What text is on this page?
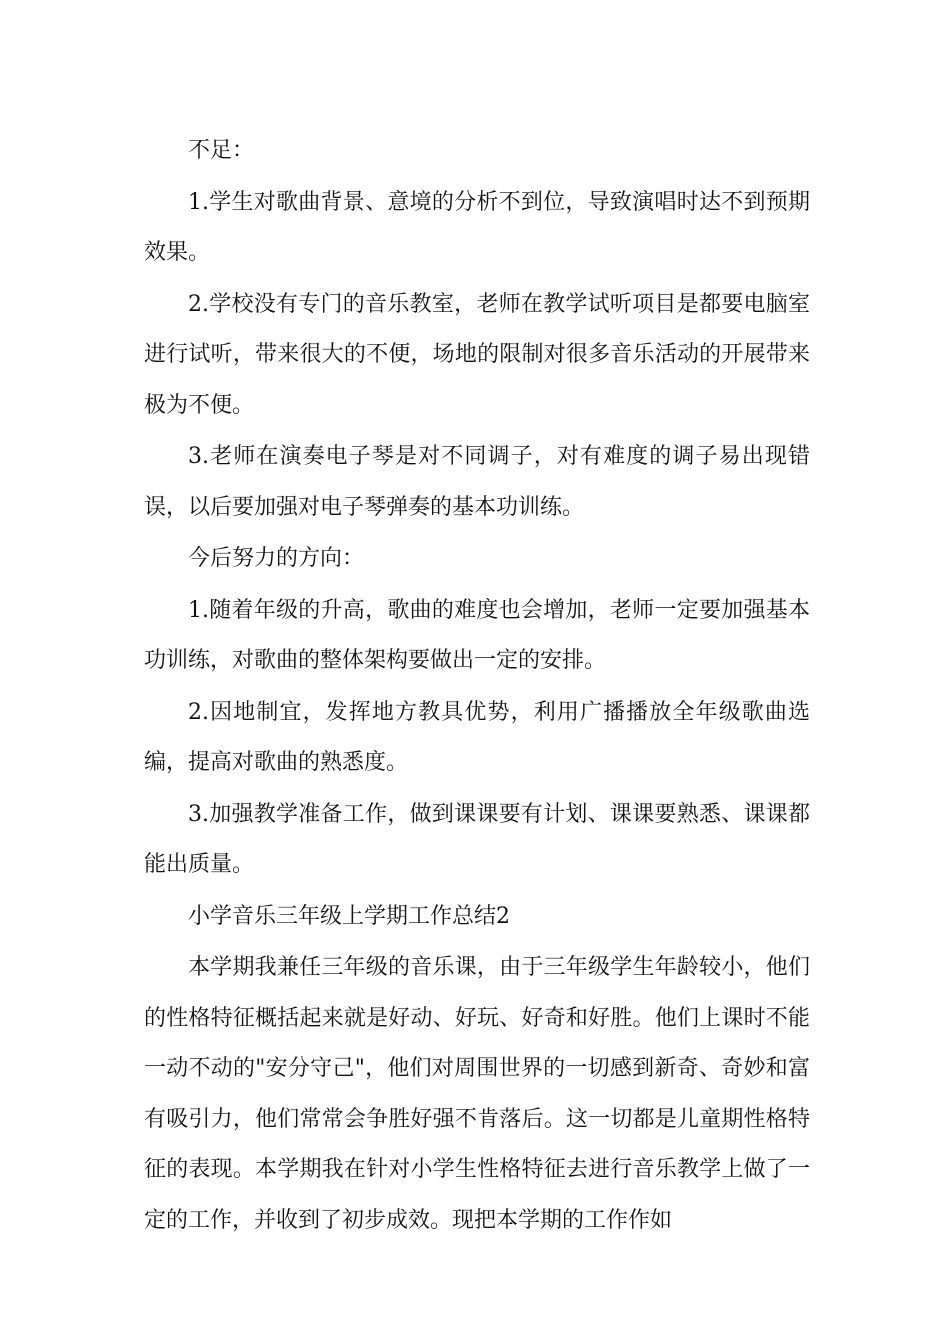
不足：

1.学生对歌曲背景、意境的分析不到位，导致演唱时达不到预期效果。

2.学校没有专门的音乐教室，老师在教学试听项目是都要电脑室进行试听，带来很大的不便，场地的限制对很多音乐活动的开展带来极为不便。

3.老师在演奏电子琴是对不同调子，对有难度的调子易出现错误，以后要加强对电子琴弹奏的基本功训练。

今后努力的方向：

1.随着年级的升高，歌曲的难度也会增加，老师一定要加强基本功训练，对歌曲的整体架构要做出一定的安排。

2.因地制宜，发挥地方教具优势，利用广播播放全年级歌曲选编，提高对歌曲的熟悉度。

3.加强教学准备工作，做到课课要有计划、课课要熟悉、课课都能出质量。

小学音乐三年级上学期工作总结2

本学期我兼任三年级的音乐课，由于三年级学生年龄较小，他们的性格特征概括起来就是好动、好玩、好奇和好胜。他们上课时不能一动不动的"安分守己"，他们对周围世界的一切感到新奇、奇妙和富有吸引力，他们常常会争胜好强不肯落后。这一切都是儿童期性格特征的表现。本学期我在针对小学生性格特征去进行音乐教学上做了一定的工作，并收到了初步成效。现把本学期的工作作如
